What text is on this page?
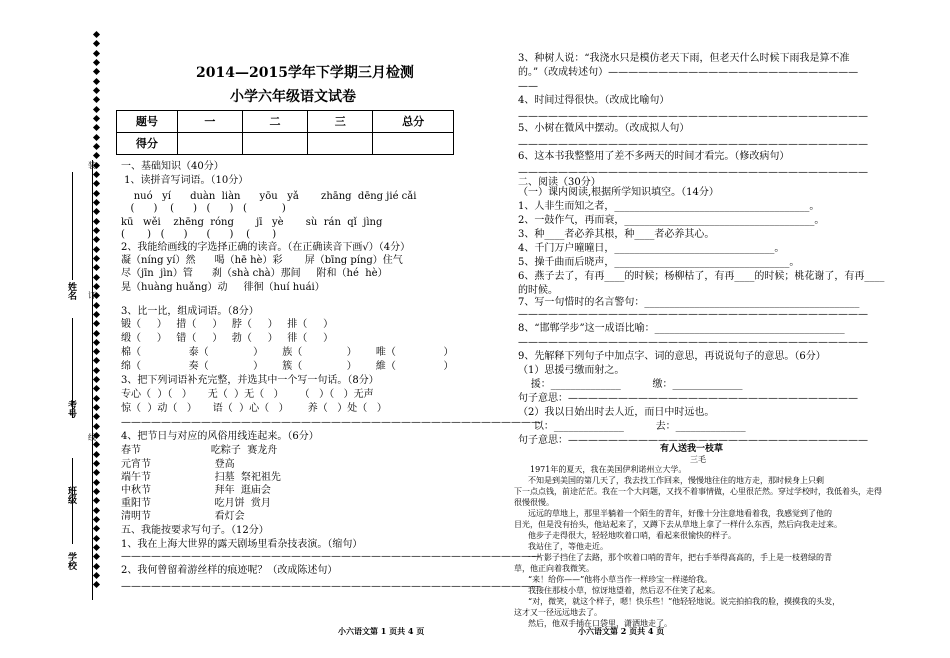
学校
班级
考号
姓名
装
订
线
2014—2015学年下学期三月检测
小学六年级语文试卷
题号	一	二	三	总分
得分				
一、基础知识（40分）
1、读拼音写词语。（10分）
nuó   yí      duàn  liàn      yōu   yǎ       zhāng  dēng jié cǎi
(      )    (      )   (      )   (           )
kū   wěi    zhēng  róng       jī   yè       sù  rán  qǐ  jìng
(       )   (      )      (      )    (       )
2、我能给画线的字选择正确的读音。（在正确读音下画√）（4分）
凝（níng yí）然      喝（hē hè）彩       屏（bīng píng）住气
尽（jīn  jìn）管      刹（shà chà）那间     附和（hé  hè）
晃（huàng huǎng）动     徘徊（huí huái）
3、比一比，组成词语。（8分）
锻（     ）   措（     ）   脖（     ）   排（     ）
缎（     ）   错（     ）   勃（     ）   徘（     ）
棉（               泰（              ）      族（              ）      唯（               ）
绵（               奏（              ）      簇（              ）      維（               ）
3、把下列词语补充完整，并选其中一个写一句话。（8分）
专心（  ）（   ）     无（  ）无（   ）     （   ）（   ）无声
惊（  ）动（   ）     语（  ）心（   ）      养（   ）处（   ）
——————————————————————————————————————————
4、把节日与对应的风俗用线连起来。（6分）
春节                      吃粽子  赛龙舟
元宵节                    登高
端午节                    扫墓  祭祀祖先
中秋节                    拜年  逛庙会
重阳节                    吃月饼  赏月
清明节                    看灯会
五、我能按要求写句子。（12分）
1、我在上海大世界的露天剧场里看杂技表演。（缩句）
——————————————————————————————————————————
2、我何曾留着游丝样的痕迹呢？（改成陈述句）
——————————————————————————————————————————
小六语文第 1 页共 4 页
3、种树人说：“我浇水只是模仿老天下雨，但老天什么时候下雨我是算不准
的。”（改成转述句）—————————————————————————
——
4、时间过得很快。（改成比喻句）
———————————————————————————————————
5、小树在微风中摆动。（改成拟人句）
———————————————————————————————————
6、这本书我整整用了差不多两天的时间才看完。（修改病句）
———————————————————————————————————
二、阅读（30分）
（一）课内阅读,根据所学知识填空。（14分）
1、人非生而知之者，_______________________________________。
2、一鼓作气，再而衰，______________________________________。
3、种____者必养其根，种____者必养其心。
4、千门万户曈曈日，________________________________。
5、操千曲而后晓声，___________________________________。
6、燕子去了，有再____的时候；杨柳枯了，有再____的时候；桃花谢了，有再____
的时候。
7、写一句惜时的名言警句：___________________________________________
———————————————————————————————————
8、“邯郸学步”这一成语比喻：______________________________________
———————————————————————————————————
9、先解释下列句子中加点字、词的意思，再说说句子的意思。（6分）
（1）思援弓缴而射之。
援：______________          缴：______________
句子意思：—————————————————————————————
（2）我以日始出时去人近，而日中时远也。
以：______________          去：______________
句子意思：——————————————————————————————
有人送我一枝草
三毛
1971年的夏天，我在美国伊利诺州立大学。
不知是到美国的第几天了，我去找工作回来，慢慢地往住的地方走，那时候身上只剩
下一点点钱，前途茫茫。我在一个大问题，又找不着事情做，心里很茫然。穿过学校时，我低着头，走得
很慢很慢。
远远的草地上，那里半躺着一个陌生的青年，好像十分注意地看着我，我感觉到了他的
目光，但是没有抬头，他站起来了，又蹲下去从草地上拿了一样什么东西，然后向我走过来。
他步子走得很大，轻轻地吹着口哨，看起来很愉快的样子。
我站住了，等他走近。
一片影子挡住了去路，那个吹着口哨的青年，把右手举得高高的，手上是一枝碧绿的青
草，他正向着我微笑。
“来！给你——”他将小草当作一样珍宝一样递给我。
我接住那枝小草，惊讶地望着，然后忍不住笑了起来。
“对，微笑，就这个样子，嗯！快乐些！”他轻轻地说。说完拍拍我的脸，摸摸我的头发，
这才又一径远远地去了。
然后，他双手插在口袋里，潇洒地走了。
小六语文第 2 页共 4 页
